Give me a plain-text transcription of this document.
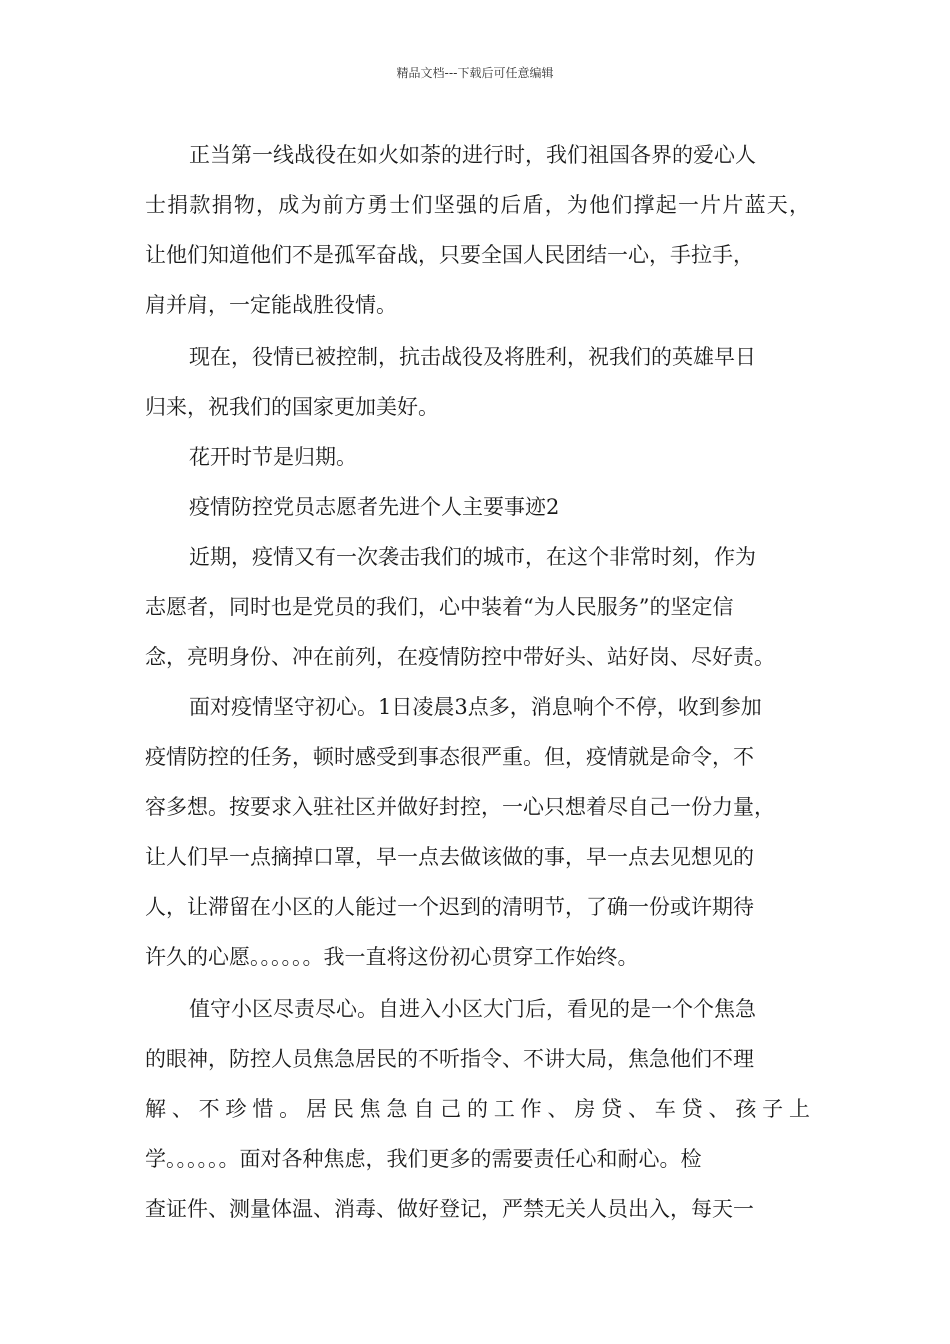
精品文档---下载后可任意编辑
正当第一线战役在如火如荼的进行时，我们祖国各界的爱心人
士捐款捐物，成为前方勇士们坚强的后盾，为他们撑起一片片蓝天，
让他们知道他们不是孤军奋战，只要全国人民团结一心，手拉手，
肩并肩，一定能战胜役情。
现在，役情已被控制，抗击战役及将胜利，祝我们的英雄早日
归来，祝我们的国家更加美好。
花开时节是归期。
疫情防控党员志愿者先进个人主要事迹2
近期，疫情又有一次袭击我们的城市，在这个非常时刻，作为
志愿者，同时也是党员的我们，心中装着“为人民服务”的坚定信
念，亮明身份、冲在前列，在疫情防控中带好头、站好岗、尽好责。
面对疫情坚守初心。1日凌晨3点多，消息响个不停，收到参加
疫情防控的任务，顿时感受到事态很严重。但，疫情就是命令，不
容多想。按要求入驻社区并做好封控，一心只想着尽自己一份力量，
让人们早一点摘掉口罩，早一点去做该做的事，早一点去见想见的
人，让滞留在小区的人能过一个迟到的清明节，了确一份或许期待
许久的心愿。。。。。。我一直将这份初心贯穿工作始终。
值守小区尽责尽心。自进入小区大门后，看见的是一个个焦急
的眼神，防控人员焦急居民的不听指令、不讲大局，焦急他们不理
解、不珍惜。居民焦急自己的工作、房贷、车贷、孩子上
学。。。。。。面对各种焦虑，我们更多的需要责任心和耐心。检
查证件、测量体温、消毒、做好登记，严禁无关人员出入，每天一
